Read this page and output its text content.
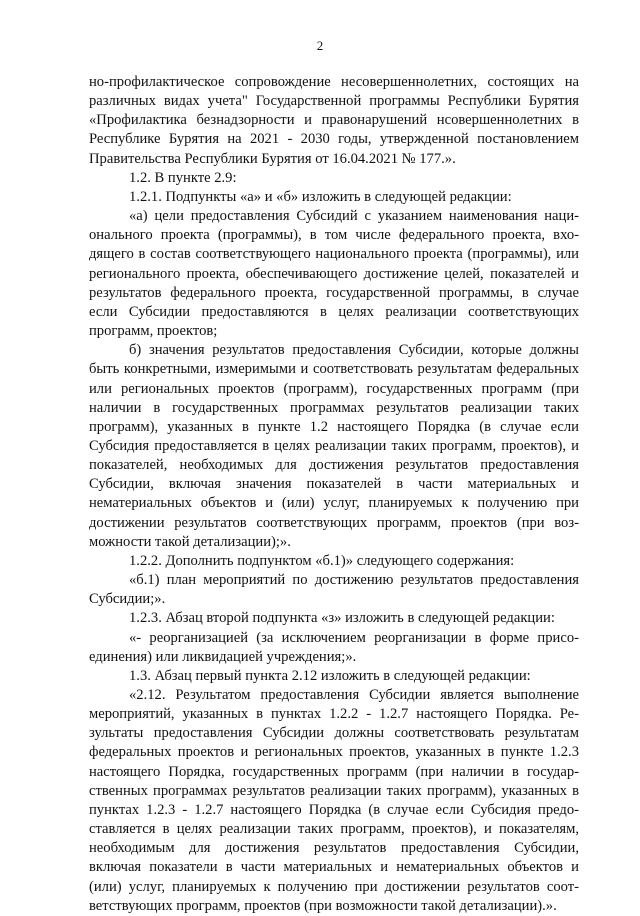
2

но-профилактическое сопровождение несовершеннолетних, состоящих на различных видах учета" Государственной программы Республики Бурятия «Профилактика безнадзорности и правонарушений нсовершеннолетних в Республике Бурятия на 2021 - 2030 годы, утвержденной постановлением Правительства Республики Бурятия от 16.04.2021 № 177.».

1.2. В пункте 2.9:

1.2.1. Подпункты «а» и «б» изложить в следующей редакции:

«а) цели предоставления Субсидий с указанием наименования национального проекта (программы), в том числе федерального проекта, входящего в состав соответствующего национального проекта (программы), или регионального проекта, обеспечивающего достижение целей, показателей и результатов федерального проекта, государственной программы, в случае если Субсидии предоставляются в целях реализации соответствующих программ, проектов;

б) значения результатов предоставления Субсидии, которые должны быть конкретными, измеримыми и соответствовать результатам федеральных или региональных проектов (программ), государственных программ (при наличии в государственных программах результатов реализации таких программ), указанных в пункте 1.2 настоящего Порядка (в случае если Субсидия предоставляется в целях реализации таких программ, проектов), и показателей, необходимых для достижения результатов предоставления Субсидии, включая значения показателей в части материальных и нематериальных объектов и (или) услуг, планируемых к получению при достижении результатов соответствующих программ, проектов (при возможности такой детализации);».

1.2.2. Дополнить подпунктом «б.1)» следующего содержания:

«б.1) план мероприятий по достижению результатов предоставления Субсидии;».

1.2.3. Абзац второй подпункта «з» изложить в следующей редакции:

«- реорганизацией (за исключением реорганизации в форме присоединения) или ликвидацией учреждения;».

1.3. Абзац первый пункта 2.12 изложить в следующей редакции:

«2.12. Результатом предоставления Субсидии является выполнение мероприятий, указанных в пунктах 1.2.2 - 1.2.7 настоящего Порядка. Результаты предоставления Субсидии должны соответствовать результатам федеральных проектов и региональных проектов, указанных в пункте 1.2.3 настоящего Порядка, государственных программ (при наличии в государственных программах результатов реализации таких программ), указанных в пунктах 1.2.3 - 1.2.7 настоящего Порядка (в случае если Субсидия предоставляется в целях реализации таких программ, проектов), и показателям, необходимым для достижения результатов предоставления Субсидии, включая показатели в части материальных и нематериальных объектов и (или) услуг, планируемых к получению при достижении результатов соответствующих программ, проектов (при возможности такой детализации).».
